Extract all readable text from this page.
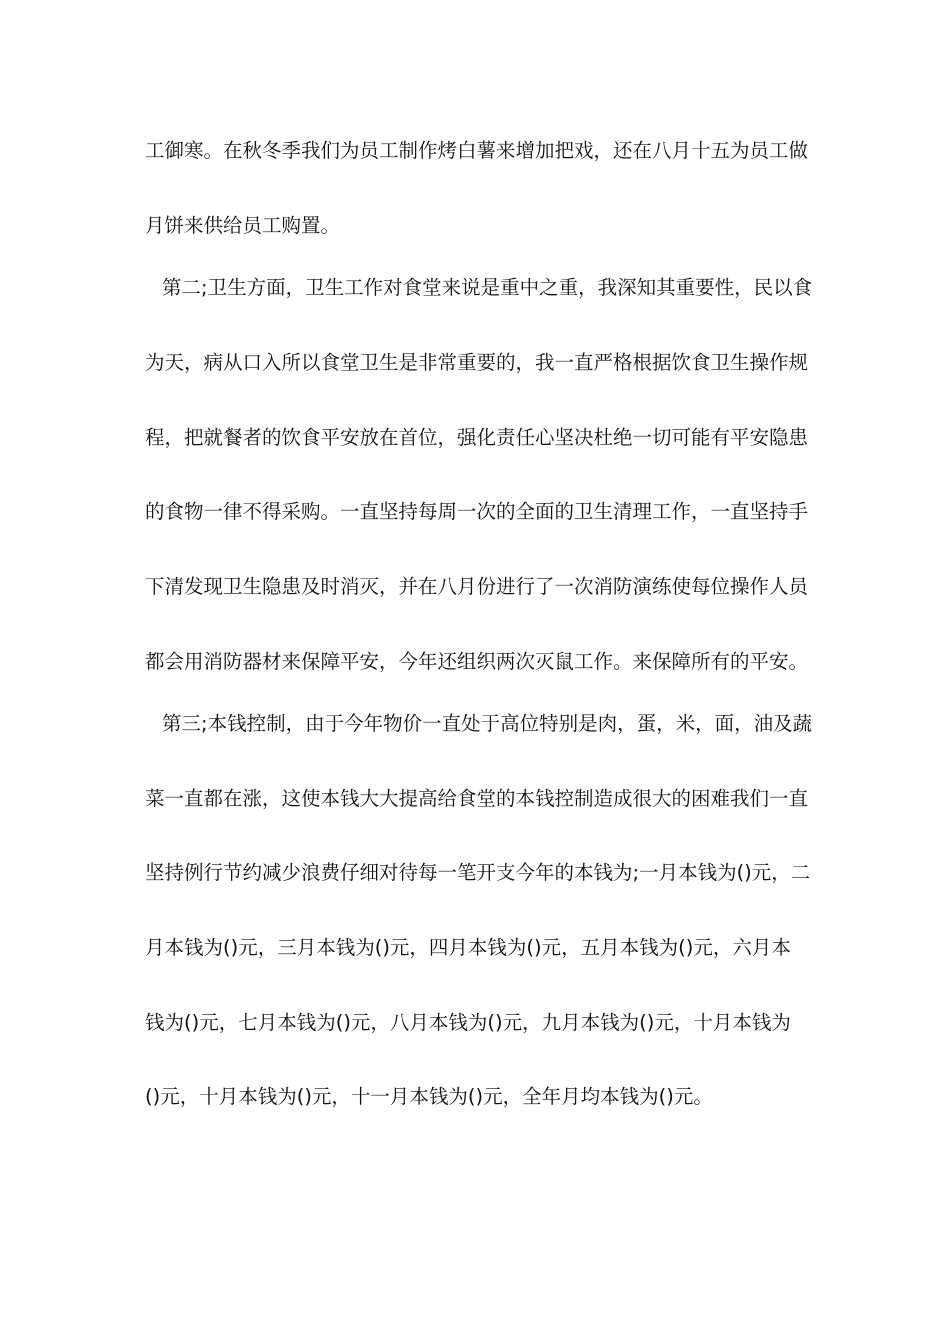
工御寒。在秋冬季我们为员工制作烤白薯来增加把戏，还在八月十五为员工做
月饼来供给员工购置。
第二;卫生方面，卫生工作对食堂来说是重中之重，我深知其重要性，民以食
为天，病从口入所以食堂卫生是非常重要的，我一直严格根据饮食卫生操作规
程，把就餐者的饮食平安放在首位，强化责任心坚决杜绝一切可能有平安隐患
的食物一律不得采购。一直坚持每周一次的全面的卫生清理工作，一直坚持手
下清发现卫生隐患及时消灭，并在八月份进行了一次消防演练使每位操作人员
都会用消防器材来保障平安，今年还组织两次灭鼠工作。来保障所有的平安。
第三;本钱控制，由于今年物价一直处于高位特别是肉，蛋，米，面，油及蔬
菜一直都在涨，这使本钱大大提高给食堂的本钱控制造成很大的困难我们一直
坚持例行节约减少浪费仔细对待每一笔开支今年的本钱为;一月本钱为()元，二
月本钱为()元，三月本钱为()元，四月本钱为()元，五月本钱为()元，六月本
钱为()元，七月本钱为()元，八月本钱为()元，九月本钱为()元，十月本钱为
()元，十月本钱为()元，十一月本钱为()元，全年月均本钱为()元。
